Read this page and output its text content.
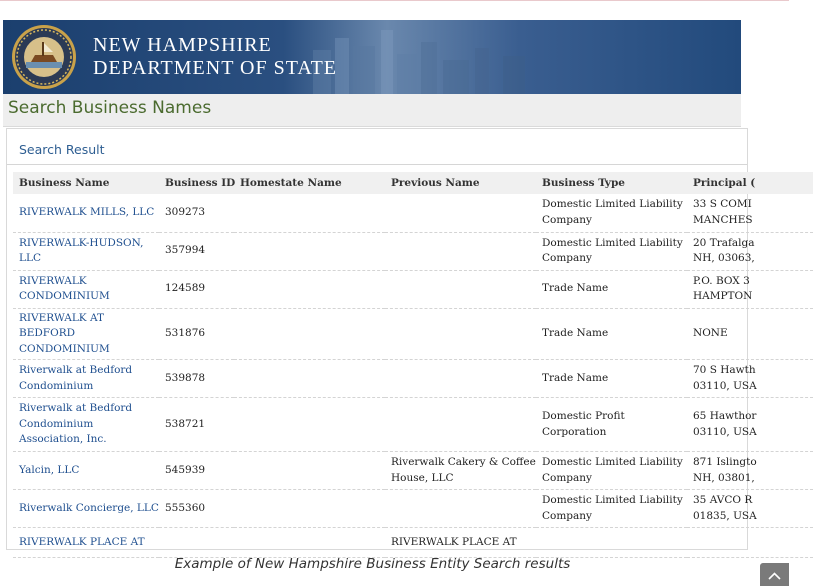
NEW HAMPSHIRE
DEPARTMENT OF STATE
Search Business Names
Search Result
Business Name	Business ID	Homestate Name	Previous Name	Business Type	Principal (
RIVERWALK MILLS, LLC	309273			Domestic Limited Liability Company	33 S COMI
MANCHES
RIVERWALK-HUDSON, LLC	357994			Domestic Limited Liability Company	20 Trafalga
NH, 03063,
RIVERWALK CONDOMINIUM	124589			Trade Name	P.O. BOX 3
HAMPTON
RIVERWALK AT BEDFORD CONDOMINIUM	531876			Trade Name	NONE
Riverwalk at Bedford Condominium	539878			Trade Name	70 S Hawth
03110, USA
Riverwalk at Bedford Condominium Association, Inc.	538721			Domestic Profit Corporation	65 Hawthor
03110, USA
Yalcin, LLC	545939		Riverwalk Cakery & Coffee House, LLC	Domestic Limited Liability Company	871 Islingto
NH, 03801,
Riverwalk Concierge, LLC	555360			Domestic Limited Liability Company	35 AVCO R
01835, USA
RIVERWALK PLACE AT			RIVERWALK PLACE AT		
Example of New Hampshire Business Entity Search results
